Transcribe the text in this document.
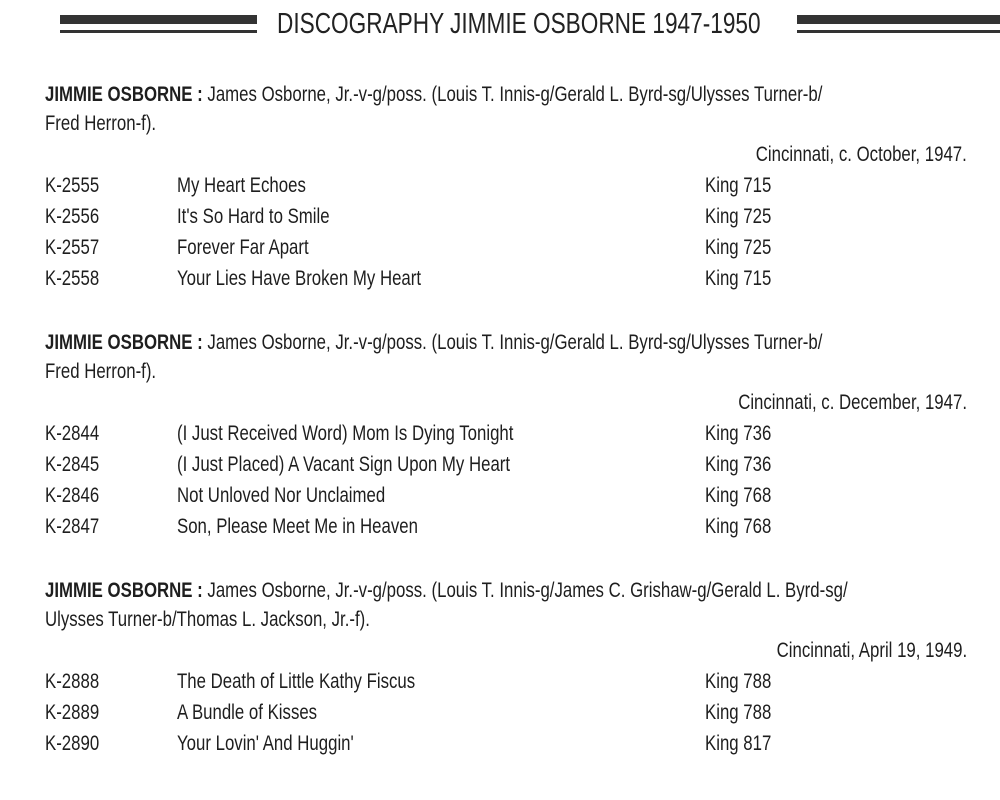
DISCOGRAPHY JIMMIE OSBORNE 1947-1950
JIMMIE OSBORNE : James Osborne, Jr.-v-g/poss. (Louis T. Innis-g/Gerald L. Byrd-sg/Ulysses Turner-b/
Fred Herron-f).
Cincinnati, c. October, 1947.
K-2555	My Heart Echoes	King 715
K-2556	It's So Hard to Smile	King 725
K-2557	Forever Far Apart	King 725
K-2558	Your Lies Have Broken My Heart	King 715
JIMMIE OSBORNE : James Osborne, Jr.-v-g/poss. (Louis T. Innis-g/Gerald L. Byrd-sg/Ulysses Turner-b/
Fred Herron-f).
Cincinnati, c. December, 1947.
K-2844	(I Just Received Word) Mom Is Dying Tonight	King 736
K-2845	(I Just Placed) A Vacant Sign Upon My Heart	King 736
K-2846	Not Unloved Nor Unclaimed	King 768
K-2847	Son, Please Meet Me in Heaven	King 768
JIMMIE OSBORNE : James Osborne, Jr.-v-g/poss. (Louis T. Innis-g/James C. Grishaw-g/Gerald L. Byrd-sg/
Ulysses Turner-b/Thomas L. Jackson, Jr.-f).
Cincinnati, April 19, 1949.
K-2888	The Death of Little Kathy Fiscus	King 788
K-2889	A Bundle of Kisses	King 788
K-2890	Your Lovin' And Huggin'	King 817
